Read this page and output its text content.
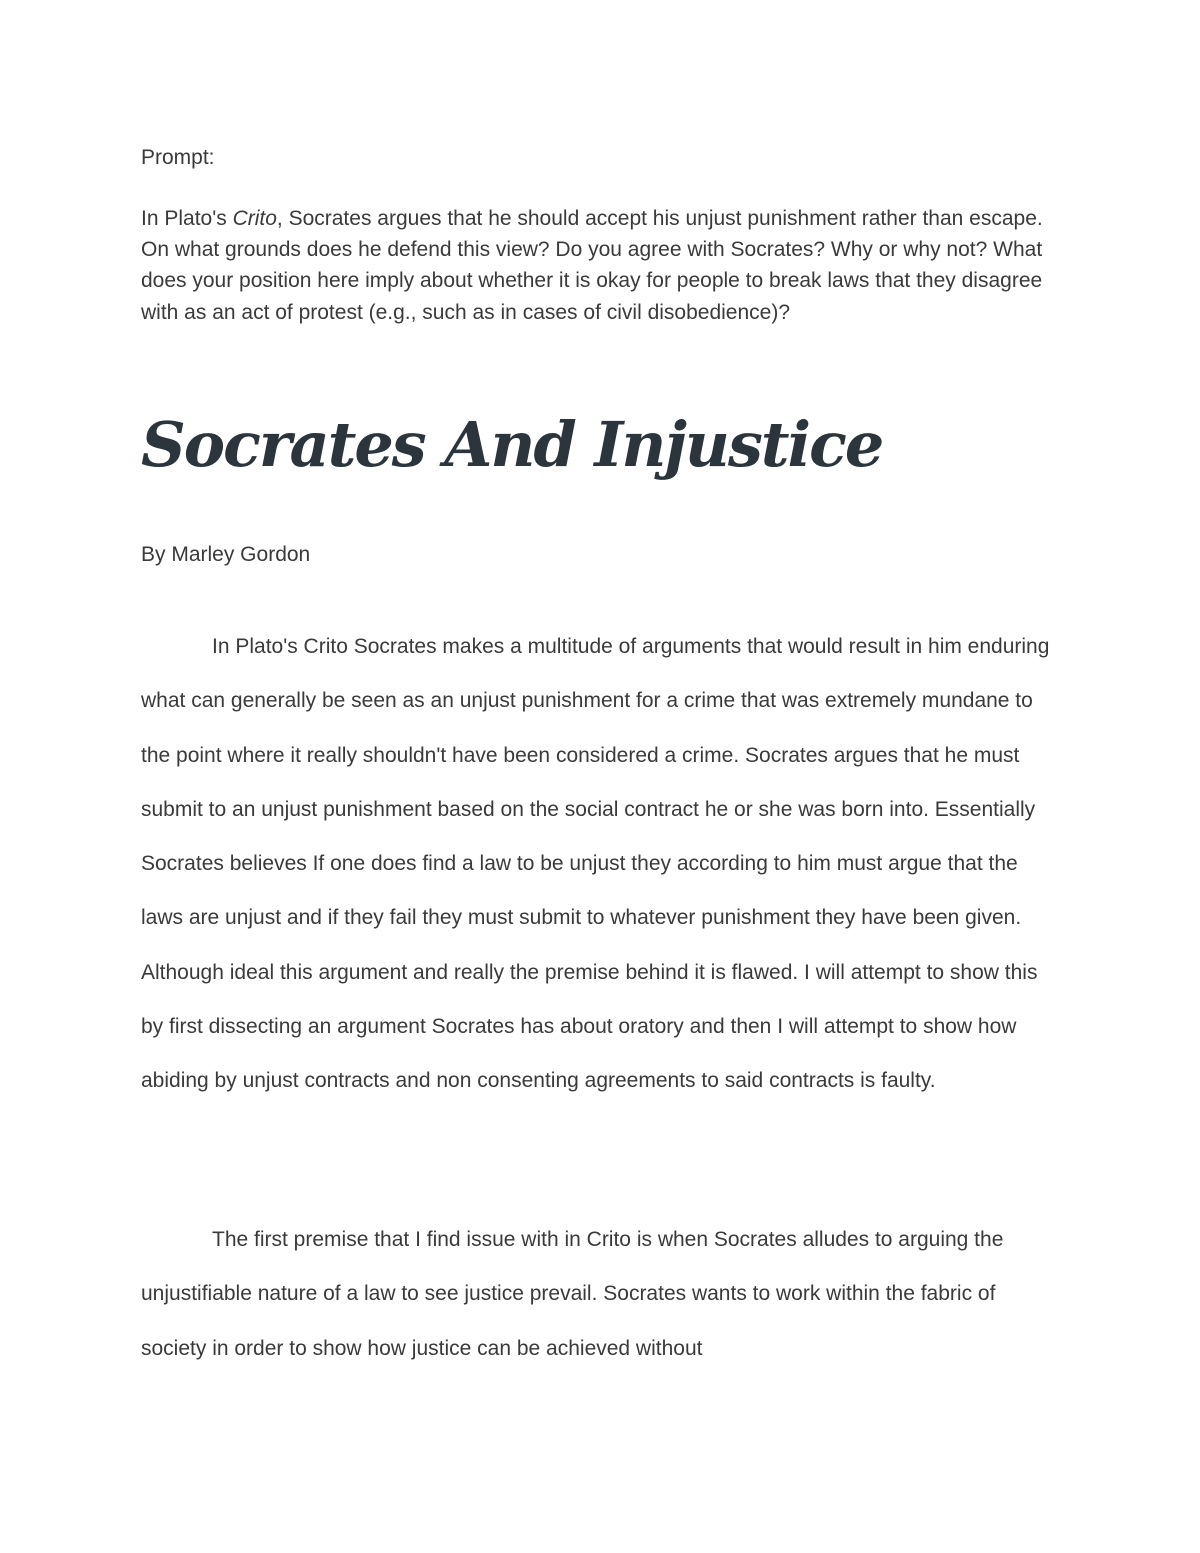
Prompt:

In Plato's Crito, Socrates argues that he should accept his unjust punishment rather than escape. On what grounds does he defend this view? Do you agree with Socrates? Why or why not? What does your position here imply about whether it is okay for people to break laws that they disagree with as an act of protest (e.g., such as in cases of civil disobedience)?

Socrates And Injustice

By Marley Gordon

In Plato's Crito Socrates makes a multitude of arguments that would result in him enduring what can generally be seen as an unjust punishment for a crime that was extremely mundane to the point where it really shouldn't have been considered a crime. Socrates argues that he must submit to an unjust punishment based on the social contract he or she was born into. Essentially Socrates believes If one does find a law to be unjust they according to him must argue that the laws are unjust and if they fail they must submit to whatever punishment they have been given. Although ideal this argument and really the premise behind it is flawed. I will attempt to show this by first dissecting an argument Socrates has about oratory and then I will attempt to show how abiding by unjust contracts and non consenting agreements to said contracts is faulty.

The first premise that I find issue with in Crito is when Socrates alludes to arguing the unjustifiable nature of a law to see justice prevail. Socrates wants to work within the fabric of society in order to show how justice can be achieved without
